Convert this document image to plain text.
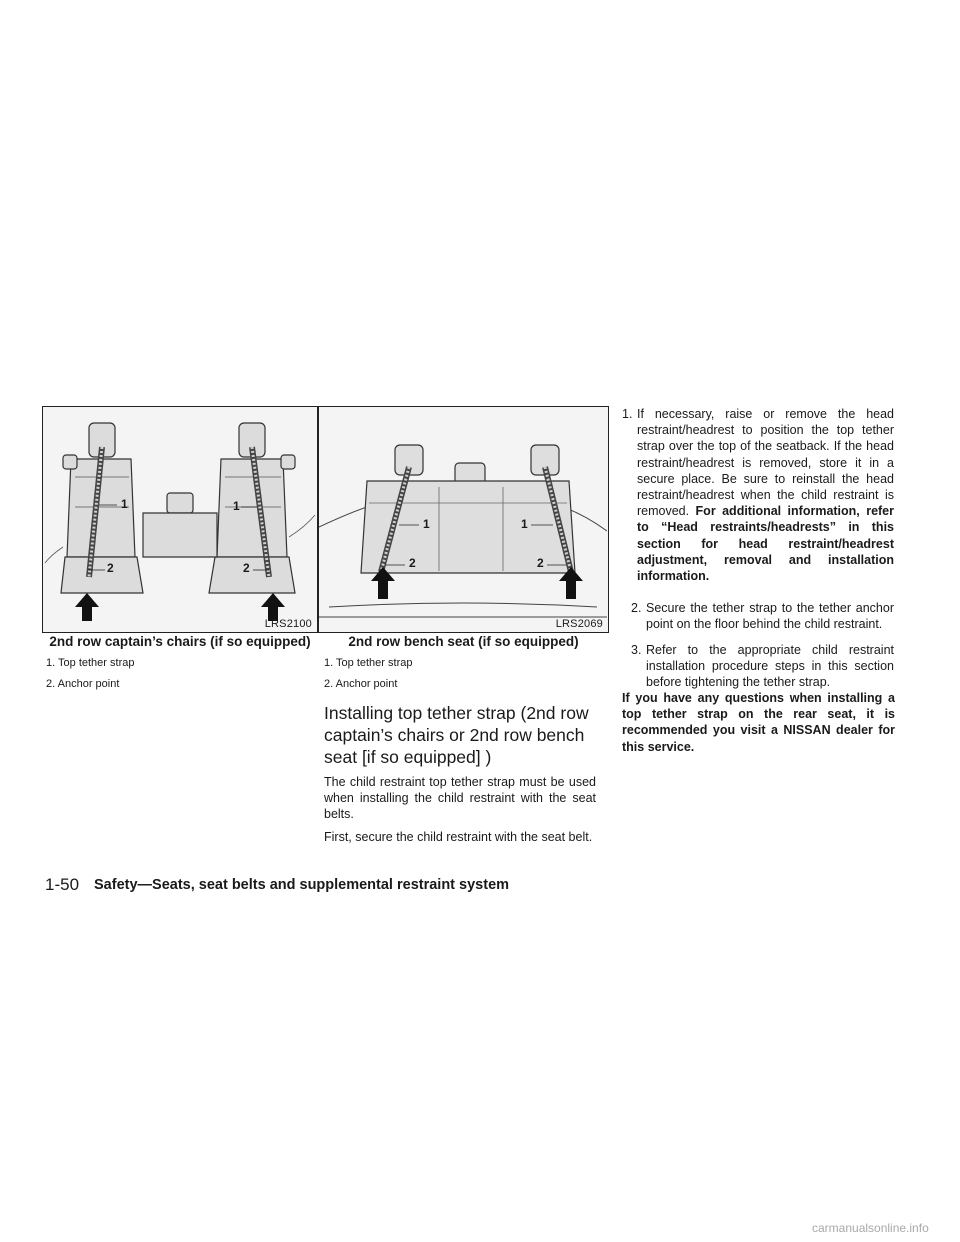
1	1
2	2
LRS2100
2nd row captain’s chairs (if so equipped)
1. Top tether strap
2. Anchor point
1	1
2	2
LRS2069
2nd row bench seat (if so equipped)
1. Top tether strap
2. Anchor point
Installing top tether strap (2nd row captain’s chairs or 2nd row bench seat [if so equipped] )
The child restraint top tether strap must be used when installing the child restraint with the seat belts.
First, secure the child restraint with the seat belt.
1. If necessary, raise or remove the head restraint/headrest to position the top tether strap over the top of the seatback. If the head restraint/headrest is removed, store it in a secure place. Be sure to reinstall the head restraint/headrest when the child restraint is removed. For additional information, refer to “Head restraints/headrests” in this section for head restraint/headrest adjustment, removal and installation information.
2. Secure the tether strap to the tether anchor point on the floor behind the child restraint.
3. Refer to the appropriate child restraint installation procedure steps in this section before tightening the tether strap.
If you have any questions when installing a top tether strap on the rear seat, it is recommended you visit a NISSAN dealer for this service.
1-50 Safety—Seats, seat belts and supplemental restraint system
carmanualsonline.info
